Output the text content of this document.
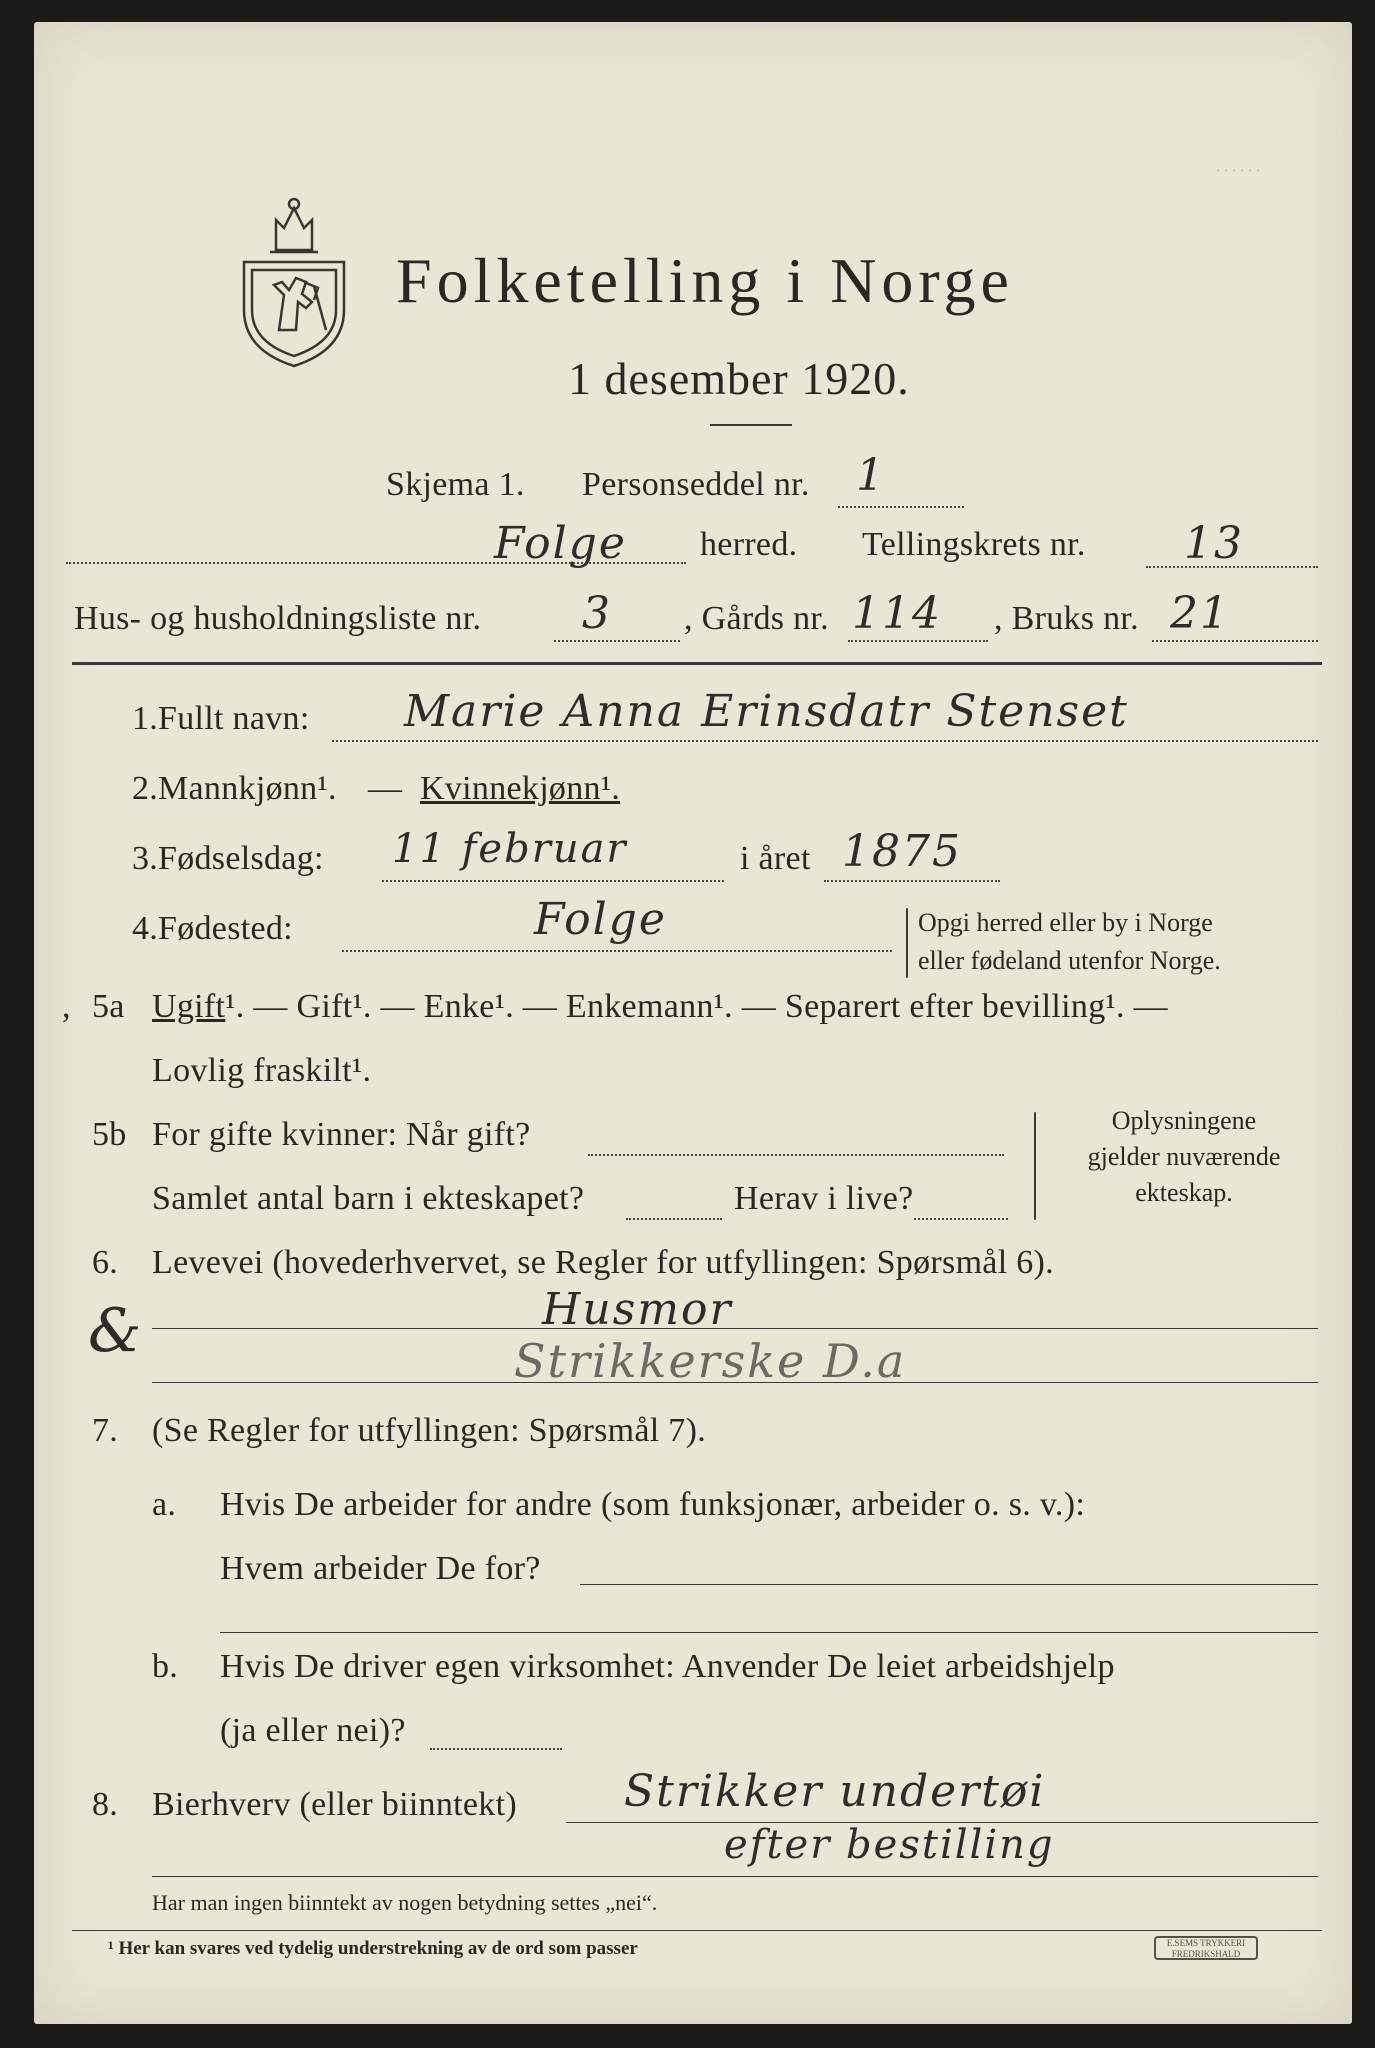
……
Folketelling i Norge
1 desember 1920.
Skjema 1. Personseddel nr. 1
Folge herred. Tellingskrets nr. 13
Hus- og husholdningsliste nr. 3 , Gårds nr. 114 , Bruks nr. 21
1. Fullt navn: Marie Anna Erinsdatr Stenset
2. Mannkjønn¹. — Kvinnekjønn¹.
3. Fødselsdag: 11 februar	i året 1875
4. Fødested:	Folge	Opgi herred eller by i Norge
eller fødeland utenfor Norge.
, 5a Ugift¹. — Gift¹. — Enke¹. — Enkemann¹. — Separert efter bevilling¹. —
Lovlig fraskilt¹.
5b For gifte kvinner: Når gift?
Samlet antal barn i ekteskapet?	Herav i live?
Oplysningene
gjelder nuværende
ekteskap.
6. Levevei (hovederhvervet, se Regler for utfyllingen: Spørsmål 6).
&	Husmor
Strikkerske D.a
7. (Se Regler for utfyllingen: Spørsmål 7).
a. Hvis De arbeider for andre (som funksjonær, arbeider o. s. v.):
Hvem arbeider De for?
b. Hvis De driver egen virksomhet: Anvender De leiet arbeidshjelp
(ja eller nei)?
8. Bierhverv (eller biinntekt) Strikker undertøi
efter bestilling
Har man ingen biinntekt av nogen betydning settes „nei“.
¹ Her kan svares ved tydelig understrekning av de ord som passer	E.SEMS TRYKKERI FREDRIKSHALD
